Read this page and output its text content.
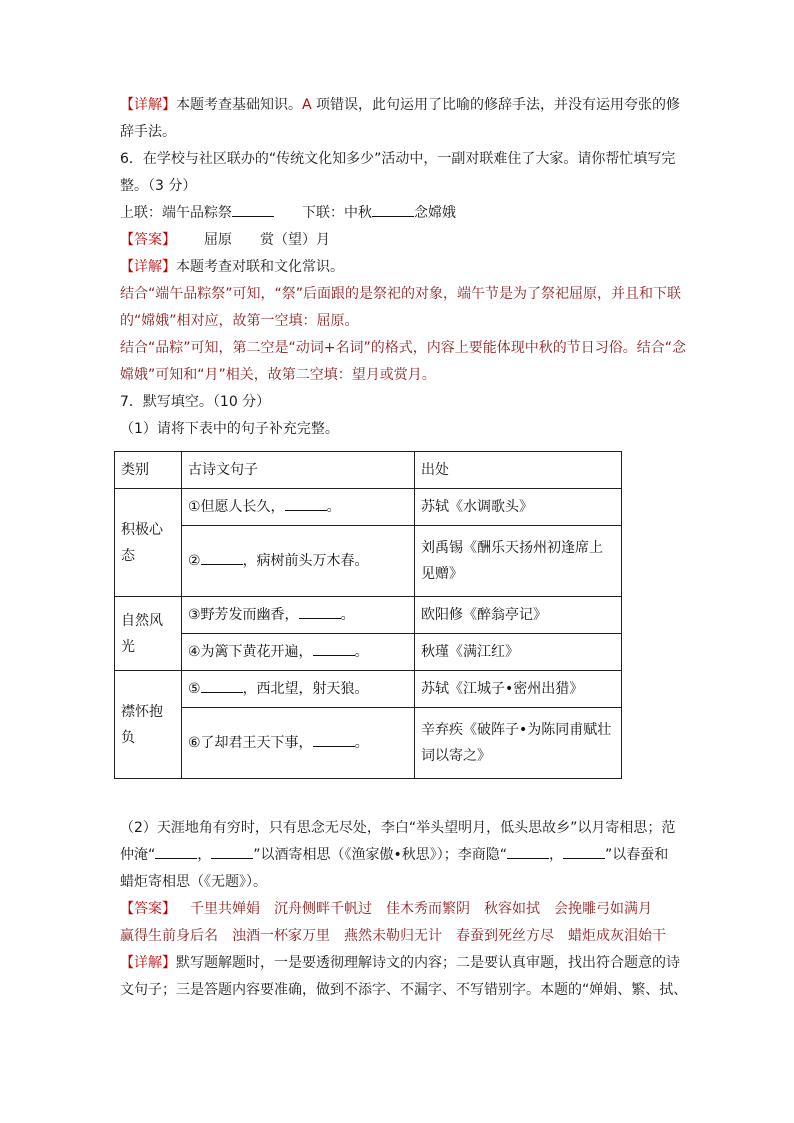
【详解】本题考查基础知识。A 项错误，此句运用了比喻的修辞手法，并没有运用夸张的修

辞手法。

6．在学校与社区联办的“传统文化知多少”活动中，一副对联难住了大家。请你帮忙填写完

整。（3 分）

上联：端午品粽祭	下联：中秋	念嫦娥

【答案】 屈原 赏（望）月

【详解】本题考查对联和文化常识。

结合“端午品粽祭”可知，“祭”后面跟的是祭祀的对象，端午节是为了祭祀屈原，并且和下联

的“嫦娥”相对应，故第一空填：屈原。

结合“品粽”可知，第二空是“动词+名词”的格式，内容上要能体现中秋的节日习俗。结合“念

嫦娥”可知和“月”相关，故第二空填：望月或赏月。

7．默写填空。（10 分）

（1）请将下表中的句子补充完整。

类别	古诗文句子	出处
积极心态	①但愿人长久， 。	苏轼《水调歌头》
	② ，病树前头万木春。	刘禹锡《酬乐天扬州初逢席上见赠》
自然风光	③野芳发而幽香， 。	欧阳修《醉翁亭记》
	④为篱下黄花开遍， 。	秋瑾《满江红》
襟怀抱负	⑤ ，西北望，射天狼。	苏轼《江城子•密州出猎》
	⑥了却君王天下事， 。	辛弃疾《破阵子•为陈同甫赋壮词以寄之》

（2）天涯地角有穷时，只有思念无尽处，李白“举头望明月，低头思故乡”以月寄相思；范

仲淹“	，	”以酒寄相思（《渔家傲•秋思》）；李商隐“	，	”以春蚕和

蜡炬寄相思（《无题》）。

【答案】 千里共婵娟 沉舟侧畔千帆过 佳木秀而繁阴 秋容如拭 会挽雕弓如满月

赢得生前身后名 浊酒一杯家万里 燕然未勒归无计 春蚕到死丝方尽 蜡炬成灰泪始干

【详解】默写题解题时，一是要透彻理解诗文的内容；二是要认真审题，找出符合题意的诗

文句子；三是答题内容要准确，做到不添字、不漏字、不写错别字。本题的“婵娟、繁、拭、
